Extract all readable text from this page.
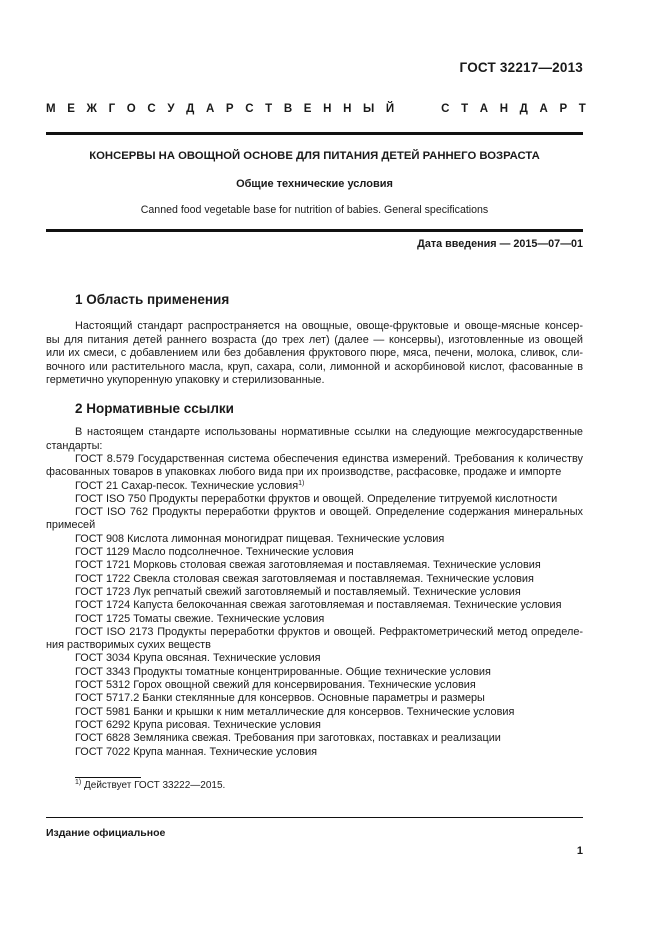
ГОСТ 32217—2013
М Е Ж Г О С У Д А Р С Т В Е Н Н Ы Й	С Т А Н Д А Р Т
КОНСЕРВЫ НА ОВОЩНОЙ ОСНОВЕ ДЛЯ ПИТАНИЯ ДЕТЕЙ РАННЕГО ВОЗРАСТА
Общие технические условия
Canned food vegetable base for nutrition of babies. General specifications
Дата введения — 2015—07—01
1 Область применения
Настоящий стандарт распространяется на овощные, овоще-фруктовые и овоще-мясные консер-
вы для питания детей раннего возраста (до трех лет) (далее — консервы), изготовленные из овощей
или их смеси, с добавлением или без добавления фруктового пюре, мяса, печени, молока, сливок, сли-
вочного или растительного масла, круп, сахара, соли, лимонной и аскорбиновой кислот, фасованные в
герметично укупоренную упаковку и стерилизованные.
2 Нормативные ссылки
В настоящем стандарте использованы нормативные ссылки на следующие межгосударственные
стандарты:
ГОСТ 8.579 Государственная система обеспечения единства измерений. Требования к количеству
фасованных товаров в упаковках любого вида при их производстве, расфасовке, продаже и импорте
ГОСТ 21 Сахар-песок. Технические условия$^{1)}$
ГОСТ ISO 750 Продукты переработки фруктов и овощей. Определение титруемой кислотности
ГОСТ ISO 762 Продукты переработки фруктов и овощей. Определение содержания минеральных
примесей
ГОСТ 908 Кислота лимонная моногидрат пищевая. Технические условия
ГОСТ 1129 Масло подсолнечное. Технические условия
ГОСТ 1721 Морковь столовая свежая заготовляемая и поставляемая. Технические условия
ГОСТ 1722 Свекла столовая свежая заготовляемая и поставляемая. Технические условия
ГОСТ 1723 Лук репчатый свежий заготовляемый и поставляемый. Технические условия
ГОСТ 1724 Капуста белокочанная свежая заготовляемая и поставляемая. Технические условия
ГОСТ 1725 Томаты свежие. Технические условия
ГОСТ ISO 2173 Продукты переработки фруктов и овощей. Рефрактометрический метод определе-
ния растворимых сухих веществ
ГОСТ 3034 Крупа овсяная. Технические условия
ГОСТ 3343 Продукты томатные концентрированные. Общие технические условия
ГОСТ 5312 Горох овощной свежий для консервирования. Технические условия
ГОСТ 5717.2 Банки стеклянные для консервов. Основные параметры и размеры
ГОСТ 5981 Банки и крышки к ним металлические для консервов. Технические условия
ГОСТ 6292 Крупа рисовая. Технические условия
ГОСТ 6828 Земляника свежая. Требования при заготовках, поставках и реализации
ГОСТ 7022 Крупа манная. Технические условия
$^{1)}$ Действует ГОСТ 33222—2015.
Издание официальное
1
